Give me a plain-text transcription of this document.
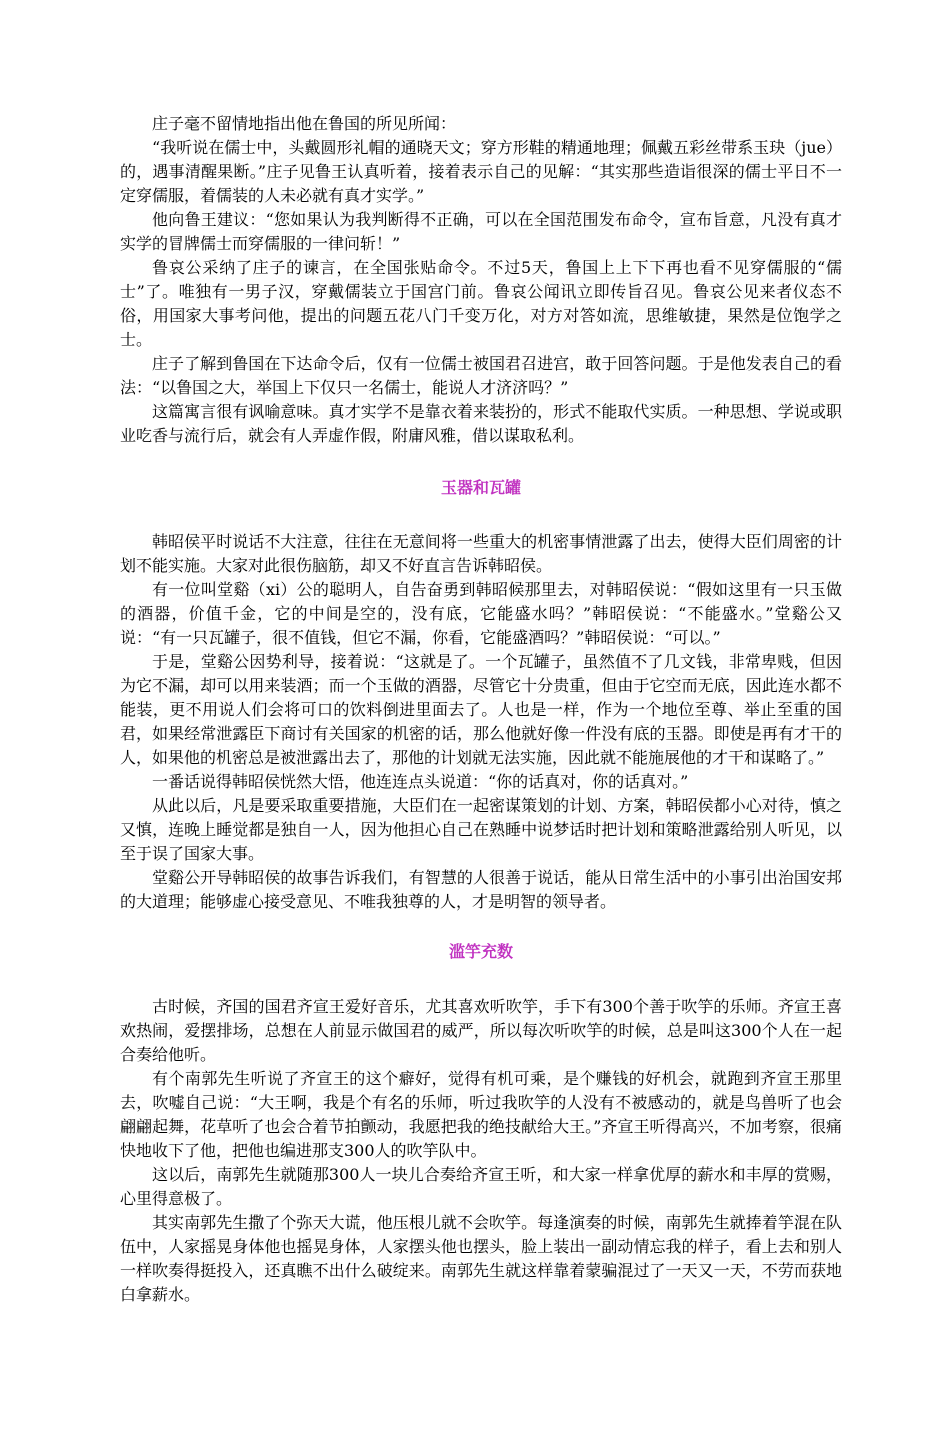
庄子毫不留情地指出他在鲁国的所见所闻：

“我听说在儒士中，头戴圆形礼帽的通晓天文；穿方形鞋的精通地理；佩戴五彩丝带系玉玦（jue）的，遇事清醒果断。”庄子见鲁王认真听着，接着表示自己的见解：“其实那些造诣很深的儒士平日不一定穿儒服，着儒装的人未必就有真才实学。”

他向鲁王建议：“您如果认为我判断得不正确，可以在全国范围发布命令，宣布旨意，凡没有真才实学的冒牌儒士而穿儒服的一律问斩！”

鲁哀公采纳了庄子的谏言，在全国张贴命令。不过5天，鲁国上上下下再也看不见穿儒服的“儒士”了。唯独有一男子汉，穿戴儒装立于国宫门前。鲁哀公闻讯立即传旨召见。鲁哀公见来者仪态不俗，用国家大事考问他，提出的问题五花八门千变万化，对方对答如流，思维敏捷，果然是位饱学之士。

庄子了解到鲁国在下达命令后，仅有一位儒士被国君召进宫，敢于回答问题。于是他发表自己的看法：“以鲁国之大，举国上下仅只一名儒士，能说人才济济吗？”

这篇寓言很有讽喻意味。真才实学不是靠衣着来装扮的，形式不能取代实质。一种思想、学说或职业吃香与流行后，就会有人弄虚作假，附庸风雅，借以谋取私利。

玉器和瓦罐

韩昭侯平时说话不大注意，往往在无意间将一些重大的机密事情泄露了出去，使得大臣们周密的计划不能实施。大家对此很伤脑筋，却又不好直言告诉韩昭侯。

有一位叫堂谿（xi）公的聪明人，自告奋勇到韩昭候那里去，对韩昭侯说：“假如这里有一只玉做的酒器，价值千金，它的中间是空的，没有底，它能盛水吗？”韩昭侯说：“不能盛水。”堂谿公又说：“有一只瓦罐子，很不值钱，但它不漏，你看，它能盛酒吗？”韩昭侯说：“可以。”

于是，堂谿公因势利导，接着说：“这就是了。一个瓦罐子，虽然值不了几文钱，非常卑贱，但因为它不漏，却可以用来装酒；而一个玉做的酒器，尽管它十分贵重，但由于它空而无底，因此连水都不能装，更不用说人们会将可口的饮料倒进里面去了。人也是一样，作为一个地位至尊、举止至重的国君，如果经常泄露臣下商讨有关国家的机密的话，那么他就好像一件没有底的玉器。即使是再有才干的人，如果他的机密总是被泄露出去了，那他的计划就无法实施，因此就不能施展他的才干和谋略了。”

一番话说得韩昭侯恍然大悟，他连连点头说道：“你的话真对，你的话真对。”

从此以后，凡是要采取重要措施，大臣们在一起密谋策划的计划、方案，韩昭侯都小心对待，慎之又慎，连晚上睡觉都是独自一人，因为他担心自己在熟睡中说梦话时把计划和策略泄露给别人听见，以至于误了国家大事。

堂谿公开导韩昭侯的故事告诉我们，有智慧的人很善于说话，能从日常生活中的小事引出治国安邦的大道理；能够虚心接受意见、不唯我独尊的人，才是明智的领导者。

滥竽充数

古时候，齐国的国君齐宣王爱好音乐，尤其喜欢听吹竽，手下有300个善于吹竽的乐师。齐宣王喜欢热闹，爱摆排场，总想在人前显示做国君的威严，所以每次听吹竽的时候，总是叫这300个人在一起合奏给他听。

有个南郭先生听说了齐宣王的这个癖好，觉得有机可乘，是个赚钱的好机会，就跑到齐宣王那里去，吹嘘自己说：“大王啊，我是个有名的乐师，听过我吹竽的人没有不被感动的，就是鸟兽听了也会翩翩起舞，花草听了也会合着节拍颤动，我愿把我的绝技献给大王。”齐宣王听得高兴，不加考察，很痛快地收下了他，把他也编进那支300人的吹竽队中。

这以后，南郭先生就随那300人一块儿合奏给齐宣王听，和大家一样拿优厚的薪水和丰厚的赏赐，心里得意极了。

其实南郭先生撒了个弥天大谎，他压根儿就不会吹竽。每逢演奏的时候，南郭先生就捧着竽混在队伍中，人家摇晃身体他也摇晃身体，人家摆头他也摆头，脸上装出一副动情忘我的样子，看上去和别人一样吹奏得挺投入，还真瞧不出什么破绽来。南郭先生就这样靠着蒙骗混过了一天又一天，不劳而获地白拿薪水。
